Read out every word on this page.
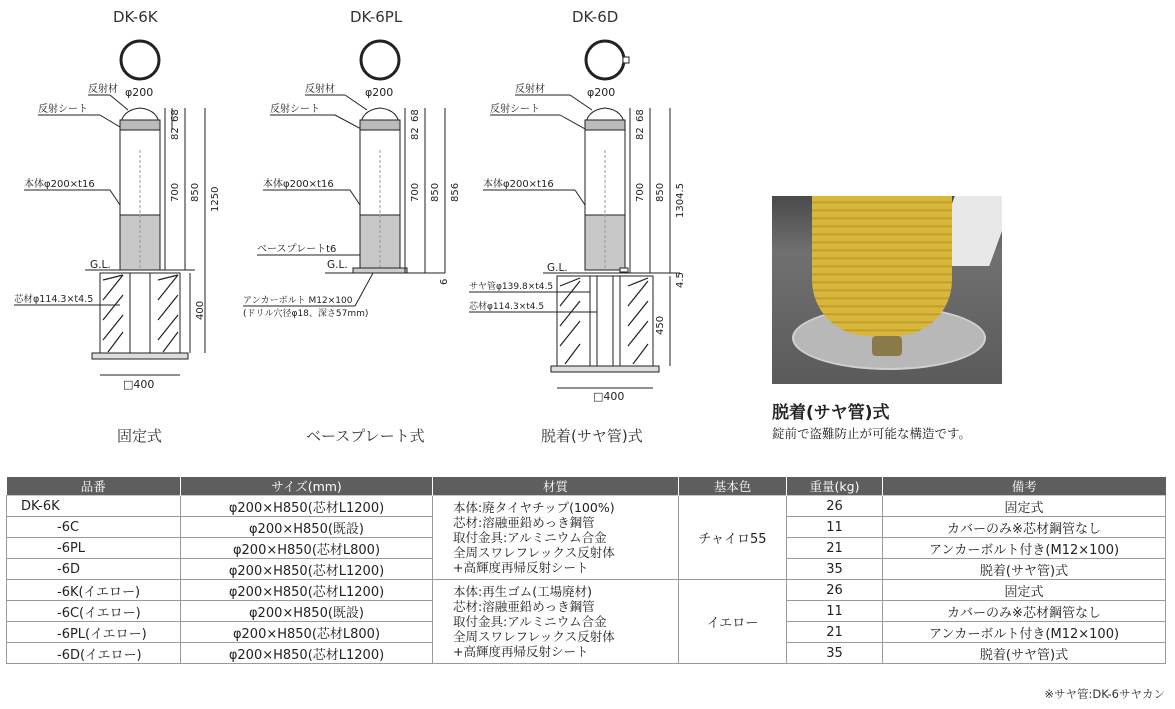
DK-6K	DK-6PL	DK-6D
反射材
反射シート
φ200
本体φ200×t16
G.L.
芯材φ114.3×t4.5
□400
68
82
700 850 1250
400
反射材
反射シート
φ200
本体φ200×t16
ベースプレートt6
G.L.
アンカーボルト M12×100
(ドリル穴径φ18、深さ57mm)
68
82
700 850 856
6
反射材
反射シート
φ200
本体φ200×t16
G.L.
サヤ管φ139.8×t4.5
芯材φ114.3×t4.5
□400
68
82
700 850 1304.5
4.5
450
固定式	ベースプレート式	脱着(サヤ管)式
脱着(サヤ管)式
錠前で盗難防止が可能な構造です。
品番	サイズ(mm)	材質	基本色	重量(kg)	備考
DK-6K	φ200×H850(芯材L1200)	本体:廃タイヤチップ(100%)
芯材:溶融亜鉛めっき鋼管
取付金具:アルミニウム合金
全周スワレフレックス反射体
+高輝度再帰反射シート	チャイロ55	26	固定式
-6C	φ200×H850(既設)			11	カバーのみ※芯材鋼管なし
-6PL	φ200×H850(芯材L800)			21	アンカーボルト付き(M12×100)
-6D	φ200×H850(芯材L1200)			35	脱着(サヤ管)式
-6K(イエロー)	φ200×H850(芯材L1200)	本体:再生ゴム(工場廃材)
芯材:溶融亜鉛めっき鋼管
取付金具:アルミニウム合金
全周スワレフレックス反射体
+高輝度再帰反射シート	イエロー	26	固定式
-6C(イエロー)	φ200×H850(既設)			11	カバーのみ※芯材鋼管なし
-6PL(イエロー)	φ200×H850(芯材L800)			21	アンカーボルト付き(M12×100)
-6D(イエロー)	φ200×H850(芯材L1200)			35	脱着(サヤ管)式
※サヤ管:DK-6サヤカン
